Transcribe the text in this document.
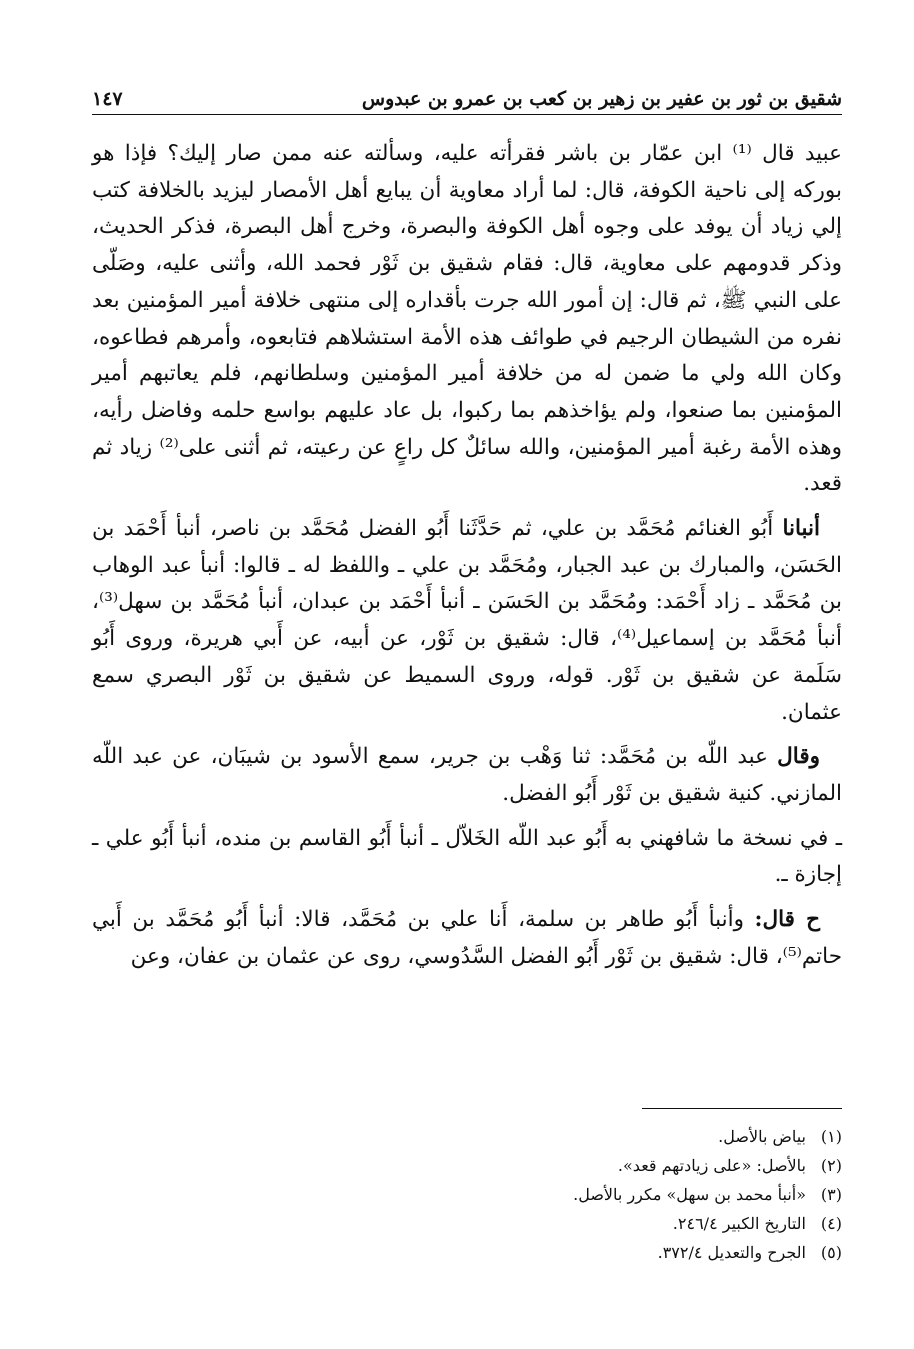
شقيق بن ثور بن عفير بن زهير بن كعب بن عمرو بن عبدوس
١٤٧

عبيد قال ⁽¹⁾ ابن عمّار بن باشر فقرأته عليه، وسألته عنه ممن صار إليك؟ فإذا هو بوركه إلى ناحية الكوفة، قال: لما أراد معاوية أن يبايع أهل الأمصار ليزيد بالخلافة كتب إلي زياد أن يوفد على وجوه أهل الكوفة والبصرة، وخرج أهل البصرة، فذكر الحديث، وذكر قدومهم على معاوية، قال: فقام شقيق بن ثَوْر فحمد الله، وأثنى عليه، وصَلّى على النبي ﷺ، ثم قال: إن أمور الله جرت بأقداره إلى منتهى خلافة أمير المؤمنين بعد نفره من الشيطان الرجيم في طوائف هذه الأمة استشلاهم فتابعوه، وأمرهم فطاعوه، وكان الله ولي ما ضمن له من خلافة أمير المؤمنين وسلطانهم، فلم يعاتبهم أمير المؤمنين بما صنعوا، ولم يؤاخذهم بما ركبوا، بل عاد عليهم بواسع حلمه وفاضل رأيه، وهذه الأمة رغبة أمير المؤمنين، والله سائلٌ كل راعٍ عن رعيته، ثم أثنى على⁽²⁾ زياد ثم قعد.

أنبانا أَبُو الغنائم مُحَمَّد بن علي، ثم حَدَّثَنا أَبُو الفضل مُحَمَّد بن ناصر، أنبأ أَحْمَد بن الحَسَن، والمبارك بن عبد الجبار، ومُحَمَّد بن علي ـ واللفظ له ـ قالوا: أنبأ عبد الوهاب بن مُحَمَّد ـ زاد أَحْمَد: ومُحَمَّد بن الحَسَن ـ أنبأ أَحْمَد بن عبدان، أنبأ مُحَمَّد بن سهل⁽³⁾، أنبأ مُحَمَّد بن إسماعيل⁽⁴⁾، قال: شقيق بن ثَوْر، عن أبيه، عن أَبي هريرة، وروى أَبُو سَلَمة عن شقيق بن ثَوْر. قوله، وروى السميط عن شقيق بن ثَوْر البصري سمع عثمان.

وقال عبد اللّه بن مُحَمَّد: ثنا وَهْب بن جرير، سمع الأسود بن شيبَان، عن عبد اللّه المازني. كنية شقيق بن ثَوْر أَبُو الفضل.

ـ في نسخة ما شافهني به أَبُو عبد اللّه الخَلاّل ـ أنبأ أَبُو القاسم بن منده، أنبأ أَبُو علي ـ إجازة ـ.

ح قال: وأنبأ أَبُو طاهر بن سلمة، أَنا علي بن مُحَمَّد، قالا: أنبأ أَبُو مُحَمَّد بن أَبي حاتم⁽⁵⁾، قال: شقيق بن ثَوْر أَبُو الفضل السَّدُوسي، روى عن عثمان بن عفان، وعن

(١)
بياض بالأصل.
(٢)
بالأصل: «على زيادتهم قعد».
(٣)
«أنبأ محمد بن سهل» مكرر بالأصل.
(٤)
التاريخ الكبير ٢٤٦/٤.
(٥)
الجرح والتعديل ٣٧٢/٤.
